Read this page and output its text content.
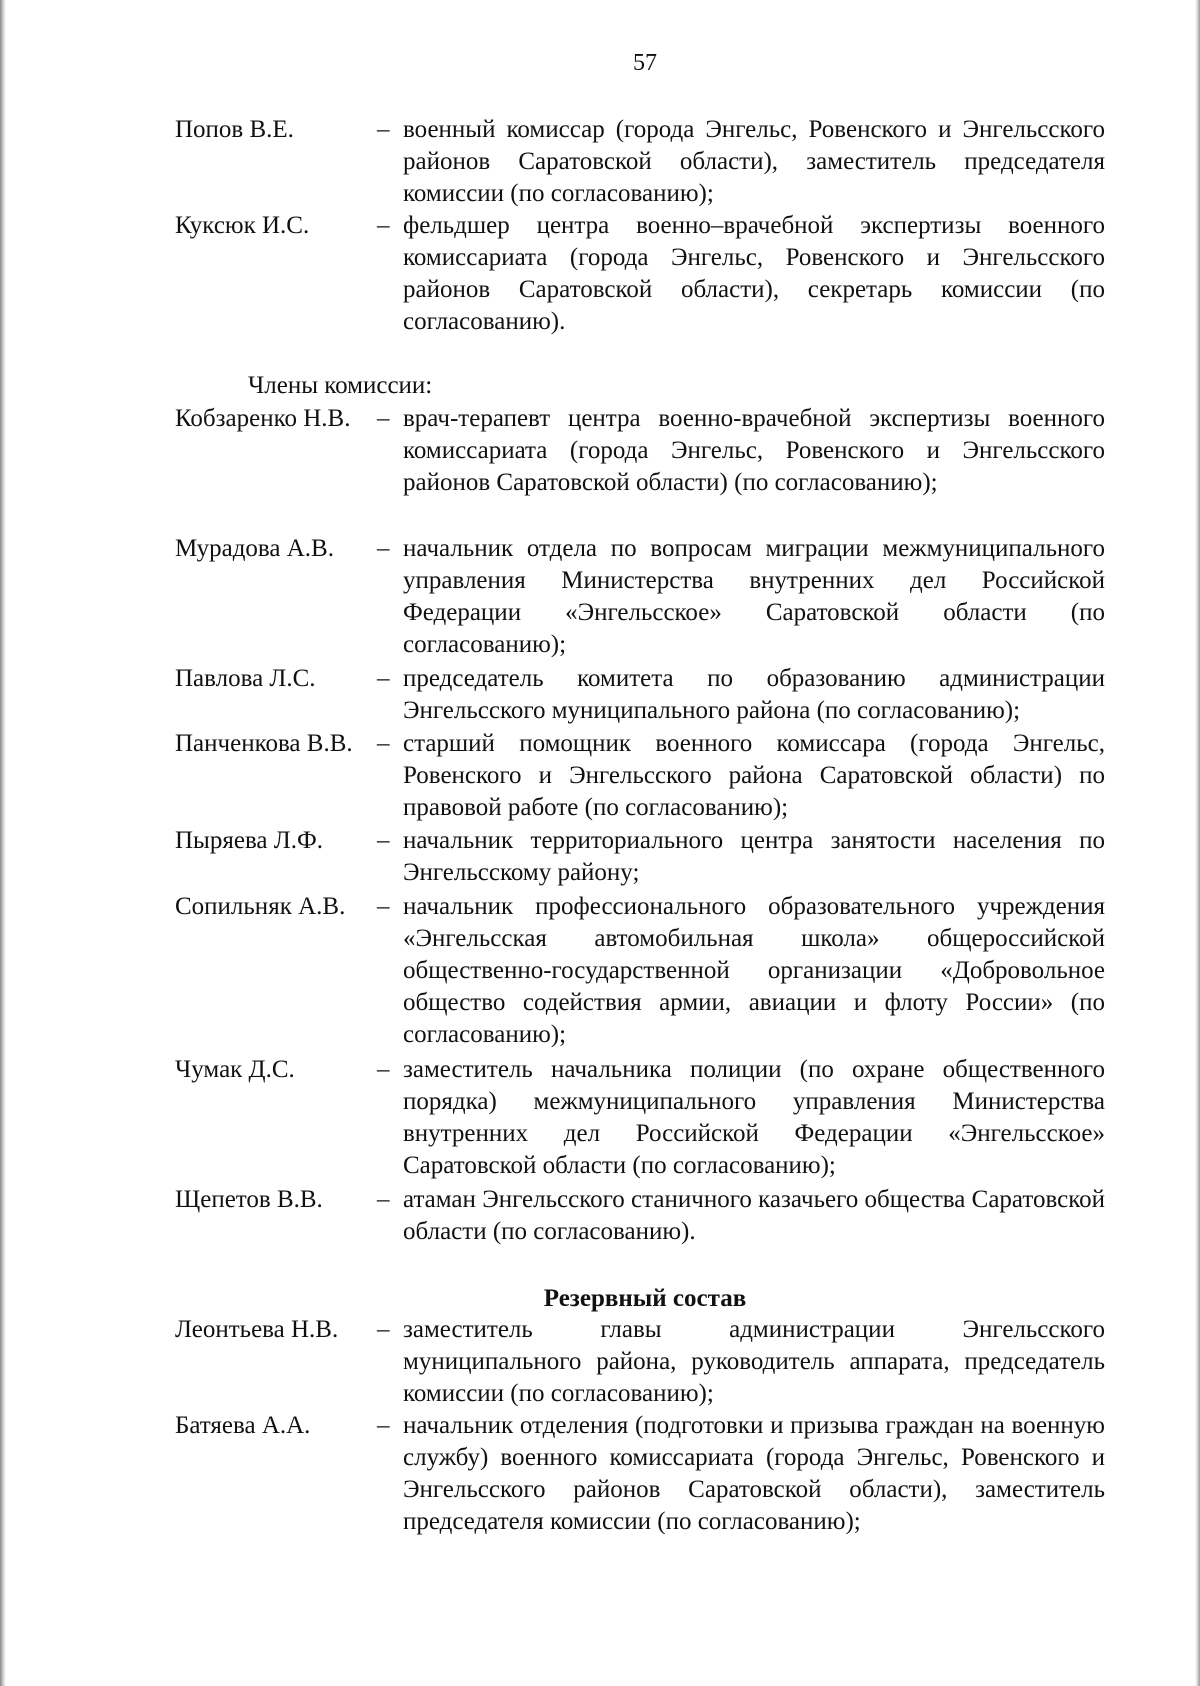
57
Попов В.Е.	– военный комиссар (города Энгельс, Ровенского и Энгельсского районов Саратовской области), заместитель председателя комиссии (по согласованию);
Куксюк И.С.	– фельдшер центра военно–врачебной экспертизы военного комиссариата (города Энгельс, Ровенского и Энгельсского районов Саратовской области), секретарь комиссии (по согласованию).
Члены комиссии:
Кобзаренко Н.В. – врач-терапевт центра военно-врачебной экспертизы военного комиссариата (города Энгельс, Ровенского и Энгельсского районов Саратовской области) (по согласованию);
Мурадова А.В. – начальник отдела по вопросам миграции межмуниципального управления Министерства внутренних дел Российской Федерации «Энгельсское» Саратовской области (по согласованию);
Павлова Л.С. – председатель комитета по образованию администрации Энгельсского муниципального района (по согласованию);
Панченкова В.В. – старший помощник военного комиссара (города Энгельс, Ровенского и Энгельсского района Саратовской области) по правовой работе (по согласованию);
Пыряева Л.Ф. – начальник территориального центра занятости населения по Энгельсскому району;
Сопильняк А.В. – начальник профессионального образовательного учреждения «Энгельсская автомобильная школа» общероссийской общественно-государственной организации «Добровольное общество содействия армии, авиации и флоту России» (по согласованию);
Чумак Д.С.	– заместитель начальника полиции (по охране общественного порядка) межмуниципального управления Министерства внутренних дел Российской Федерации «Энгельсское» Саратовской области (по согласованию);
Щепетов В.В. – атаман Энгельсского станичного казачьего общества Саратовской области (по согласованию).
Резервный состав
Леонтьева Н.В. – заместитель главы администрации Энгельсского муниципального района, руководитель аппарата, председатель комиссии (по согласованию);
Батяева А.А.	– начальник отделения (подготовки и призыва граждан на военную службу) военного комиссариата (города Энгельс, Ровенского и Энгельсского районов Саратовской области), заместитель председателя комиссии (по согласованию);
